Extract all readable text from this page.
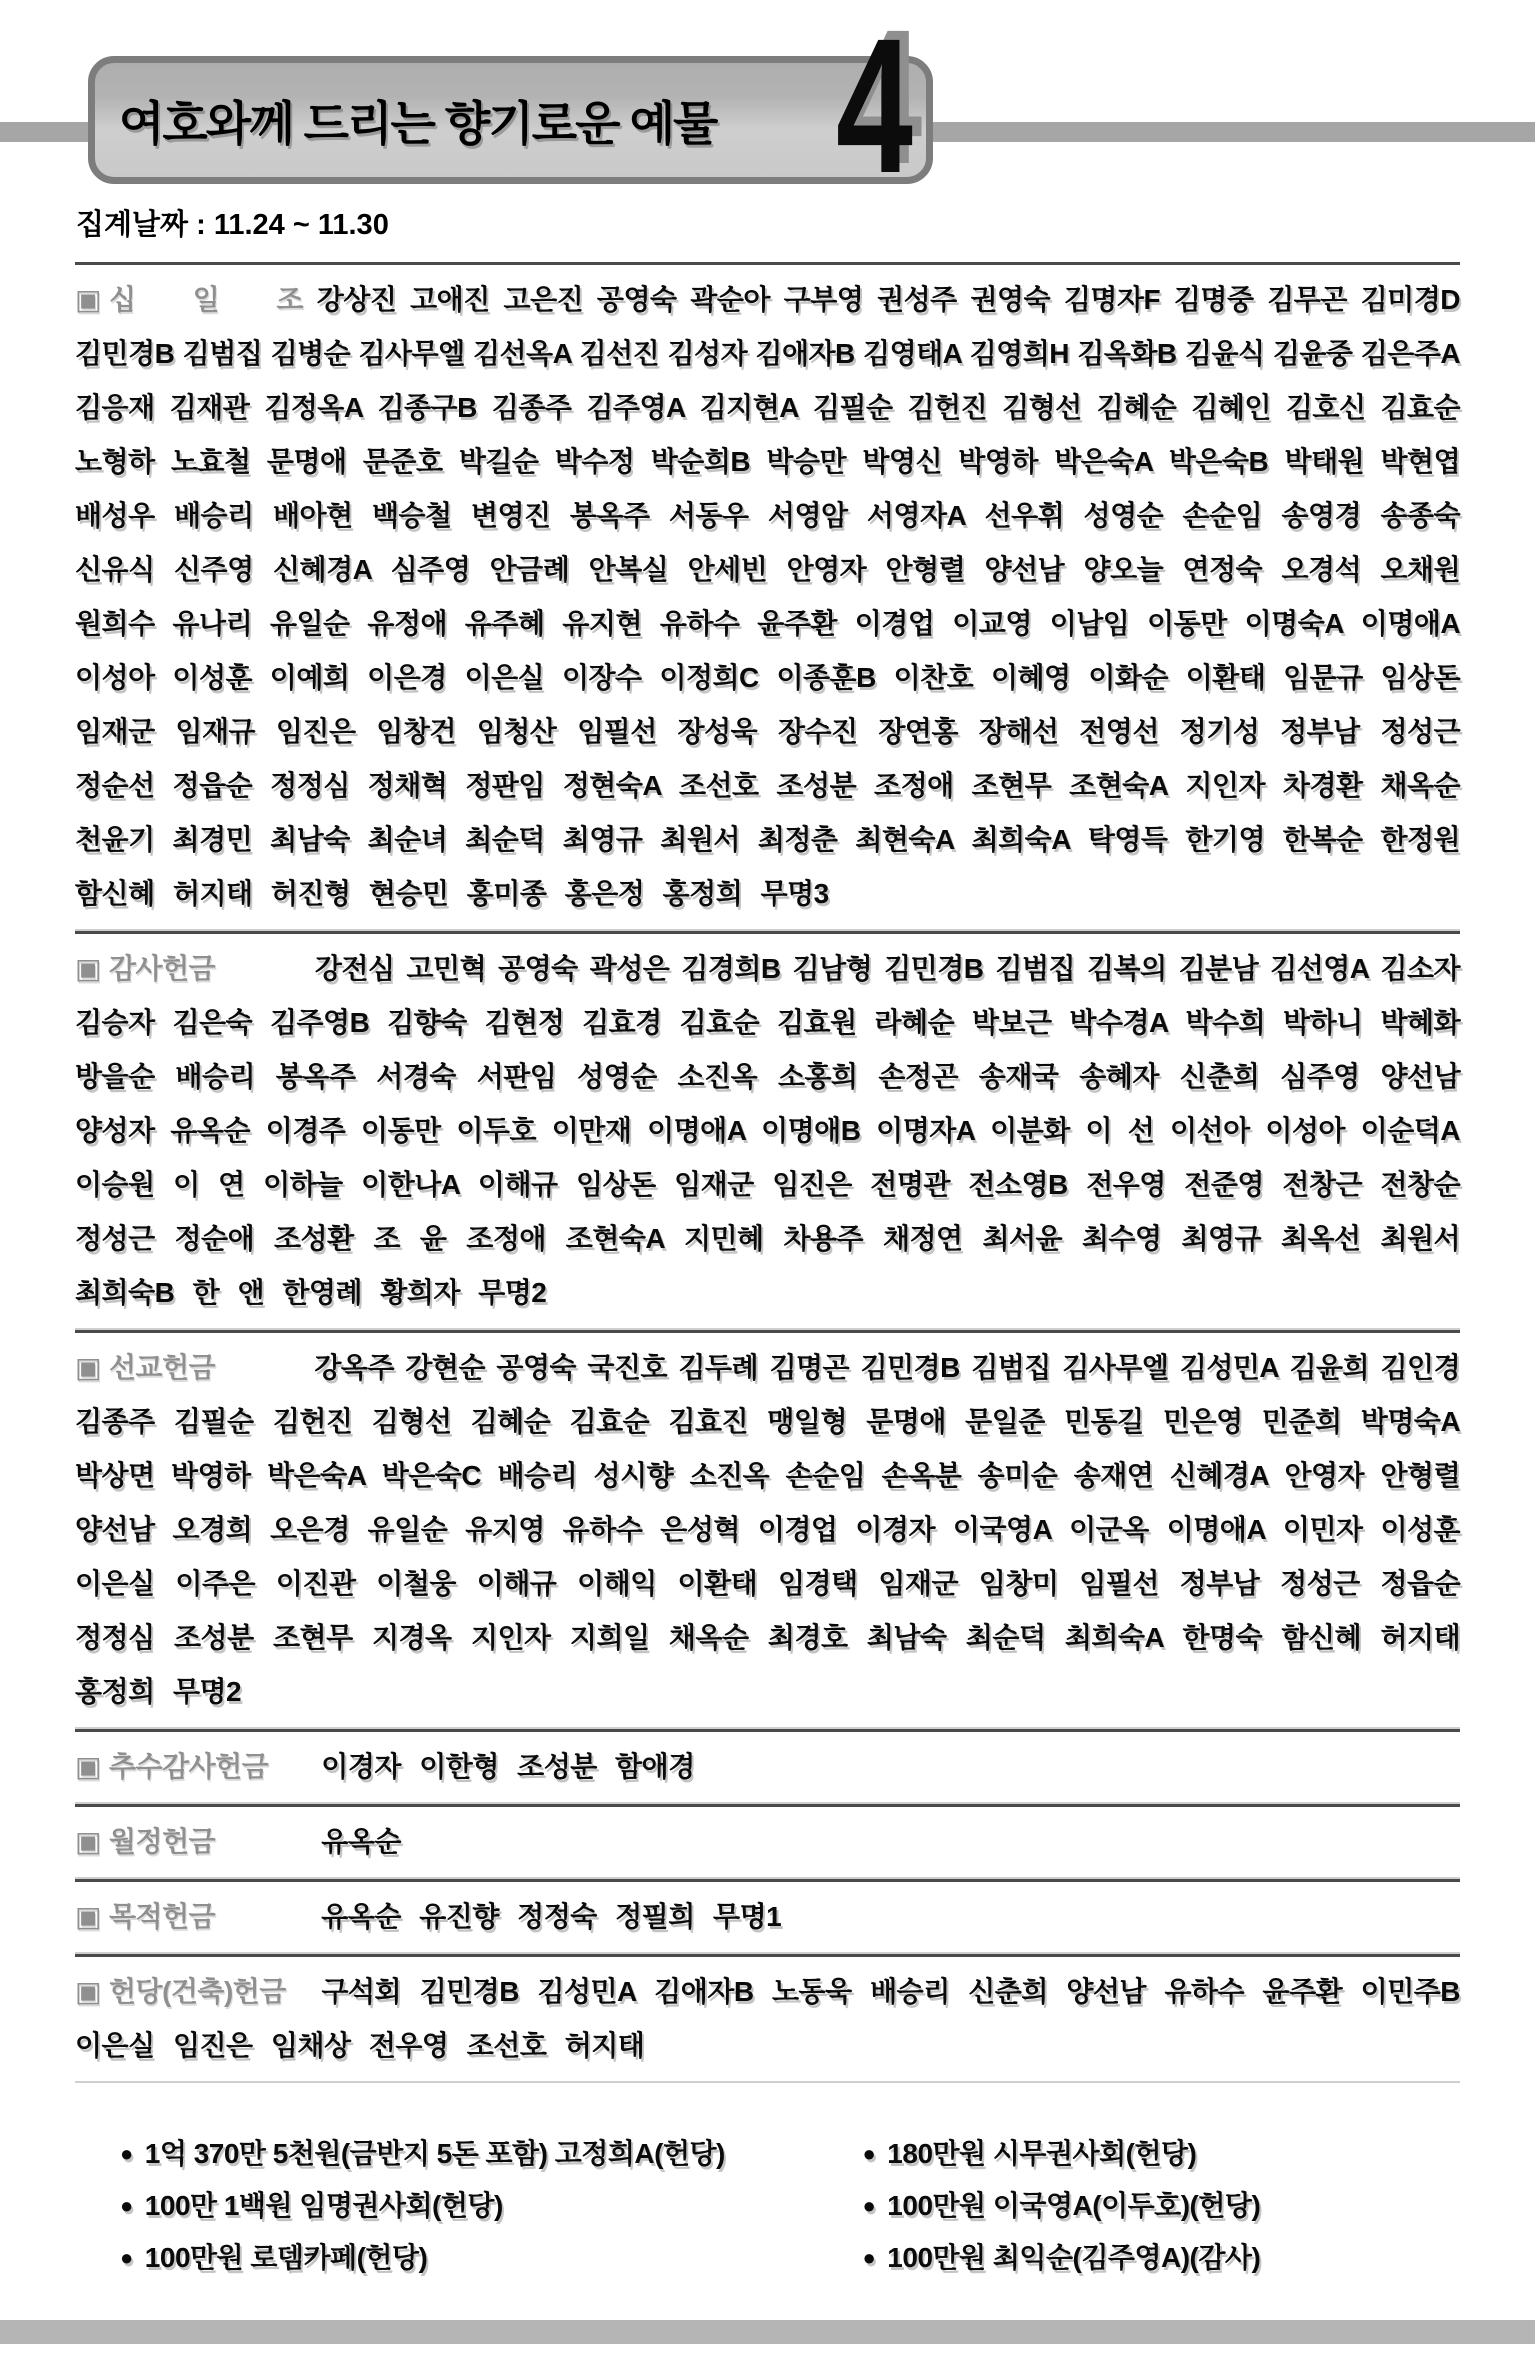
여호와께 드리는 향기로운 예물 4
집계날짜 : 11.24 ~ 11.30
▣ 십 일 조 강상진 고애진 고은진 공영숙 곽순아 구부영 권성주 권영숙 김명자F 김명중 김무곤 김미경D
김민경B 김범집 김병순 김사무엘 김선옥A 김선진 김성자 김애자B 김영태A 김영희H 김옥화B 김윤식 김윤중 김은주A
김응재 김재관 김정옥A 김종구B 김종주 김주영A 김지현A 김필순 김헌진 김형선 김혜순 김혜인 김호신 김효순
노형하 노효철 문명애 문준호 박길순 박수정 박순희B 박승만 박영신 박영하 박은숙A 박은숙B 박태원 박현엽
배성우 배승리 배아현 백승철 변영진 봉옥주 서동우 서영암 서영자A 선우휘 성영순 손순임 송영경 송종숙
신유식 신주영 신혜경A 심주영 안금례 안복실 안세빈 안영자 안형렬 양선남 양오늘 연정숙 오경석 오채원
원희수 유나리 유일순 유정애 유주혜 유지현 유하수 윤주환 이경업 이교영 이남임 이동만 이명숙A 이명애A
이성아 이성훈 이예희 이은경 이은실 이장수 이정희C 이종훈B 이찬호 이혜영 이화순 이환태 임문규 임상돈
임재군 임재규 임진은 임창건 임청산 임필선 장성욱 장수진 장연홍 장해선 전영선 정기성 정부남 정성근
정순선 정읍순 정정심 정채혁 정판임 정현숙A 조선호 조성분 조정애 조현무 조현숙A 지인자 차경환 채옥순
천윤기 최경민 최남숙 최순녀 최순덕 최영규 최원서 최정춘 최현숙A 최희숙A 탁영득 한기영 한복순 한정원
함신혜 허지태 허진형 현승민 홍미종 홍은정 홍정희 무명3
▣ 감사헌금	강전심 고민혁 공영숙 곽성은 김경희B 김남형 김민경B 김범집 김복의 김분남 김선영A 김소자
김승자 김은숙 김주영B 김향숙 김현정 김효경 김효순 김효원 라혜순 박보근 박수경A 박수희 박하니 박혜화
방을순 배승리 봉옥주 서경숙 서판임 성영순 소진옥 소홍희 손정곤 송재국 송혜자 신춘희 심주영 양선남
양성자 유옥순 이경주 이동만 이두호 이만재 이명애A 이명애B 이명자A 이분화 이 선 이선아 이성아 이순덕A
이승원 이 연 이하늘 이한나A 이해규 임상돈 임재군 임진은 전명관 전소영B 전우영 전준영 전창근 전창순
정성근 정순애 조성환 조 윤 조정애 조현숙A 지민혜 차용주 채정연 최서윤 최수영 최영규 최옥선 최원서
최희숙B 한 앤 한영례 황희자 무명2
▣ 선교헌금	강옥주 강현순 공영숙 국진호 김두례 김명곤 김민경B 김범집 김사무엘 김성민A 김윤희 김인경
김종주 김필순 김헌진 김형선 김혜순 김효순 김효진 맹일형 문명애 문일준 민동길 민은영 민준희 박명숙A
박상면 박영하 박은숙A 박은숙C 배승리 성시향 소진옥 손순임 손옥분 송미순 송재연 신혜경A 안영자 안형렬
양선남 오경희 오은경 유일순 유지영 유하수 은성혁 이경업 이경자 이국영A 이군옥 이명애A 이민자 이성훈
이은실 이주은 이진관 이철웅 이해규 이해익 이환태 임경택 임재군 임창미 임필선 정부남 정성근 정읍순
정정심 조성분 조현무 지경옥 지인자 지희일 채옥순 최경호 최남숙 최순덕 최희숙A 한명숙 함신혜 허지태
홍정희 무명2
▣ 추수감사헌금 이경자 이한형 조성분 함애경
▣ 월정헌금	유옥순
▣ 목적헌금	유옥순 유진향 정정숙 정필희 무명1
▣ 헌당(건축)헌금 구석회 김민경B 김성민A 김애자B 노동욱 배승리 신춘희 양선남 유하수 윤주환 이민주B
이은실 임진은 임채상 전우영 조선호 허지태
● 1억 370만 5천원(금반지 5돈 포함) 고정희A(헌당)
● 100만 1백원 임명권사회(헌당)
● 100만원 로뎀카페(헌당)
● 180만원 시무권사회(헌당)
● 100만원 이국영A(이두호)(헌당)
● 100만원 최익순(김주영A)(감사)
